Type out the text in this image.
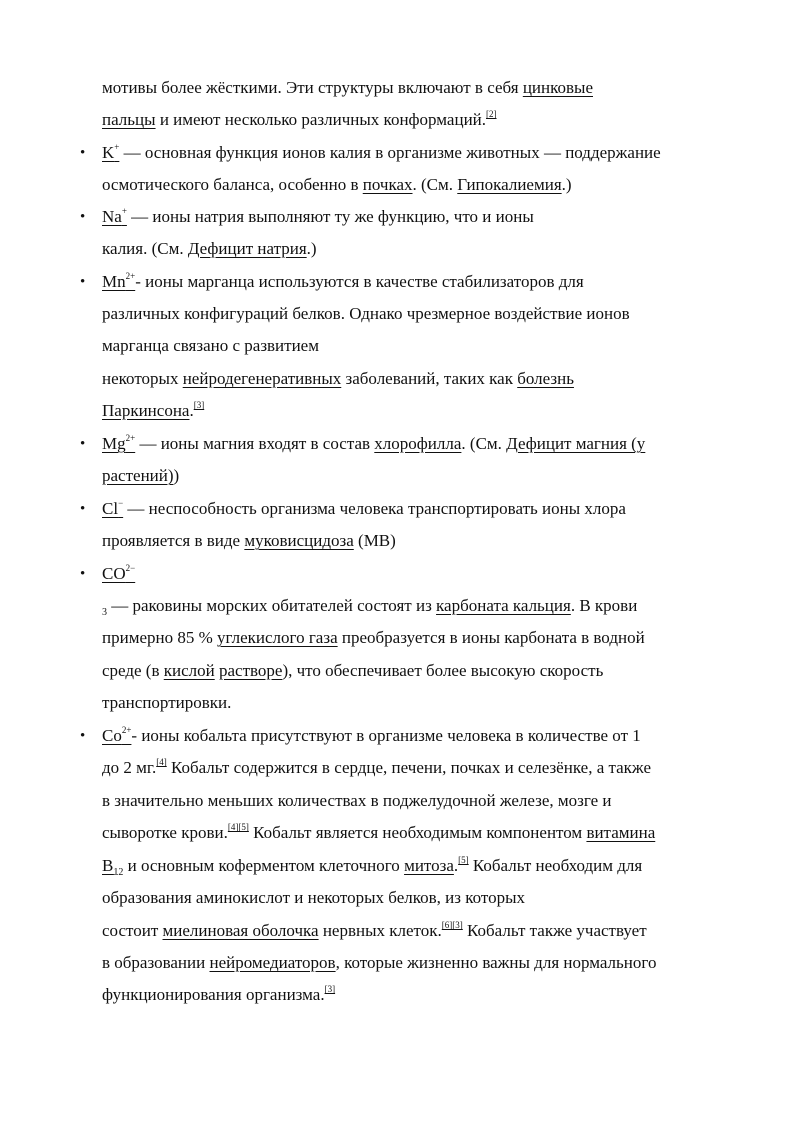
мотивы более жёсткими. Эти структуры включают в себя цинковые
пальцы и имеют несколько различных конформаций.[2]
• K+ — основная функция ионов калия в организме животных — поддержание
осмотического баланса, особенно в почках. (См. Гипокалиемия.)
• Na+ — ионы натрия выполняют ту же функцию, что и ионы
калия. (См. Дефицит натрия.)
• $Mn^{2+}-$ ионы марганца используются в качестве стабилизаторов для
различных конфигураций белков. Однако чрезмерное воздействие ионов
марганца связано с развитием
некоторых нейродегенеративных заболеваний, таких как болезнь
Паркинсона.[3]
• $Mg^{2+}$ — ионы магния входят в состав хлорофилла. (См. Дефицит магния (у
растений))
• Cl− — неспособность организма человека транспортировать ионы хлора
проявляется в виде муковисцидоза (МВ)
• $CO^{2-}$
$_3$ — раковины морских обитателей состоят из карбоната кальция. В крови
примерно 85 % углекислого газа преобразуется в ионы карбоната в водной
среде (в кислой растворе), что обеспечивает более высокую скорость
транспортировки.
• $Co^{2+}-$ ионы кобальта присутствуют в организме человека в количестве от 1
до 2 мг.[4] Кобальт содержится в сердце, печени, почках и селезёнке, а также
в значительно меньших количествах в поджелудочной железе, мозге и
сыворотке крови.[4][5] Кобальт является необходимым компонентом витамина
$B_{12}$ и основным коферментом клеточного митоза.[5] Кобальт необходим для
образования аминокислот и некоторых белков, из которых
состоит миелиновая оболочка нервных клеток.[6][3] Кобальт также участвует
в образовании нейромедиаторов, которые жизненно важны для нормального
функционирования организма.[3]
